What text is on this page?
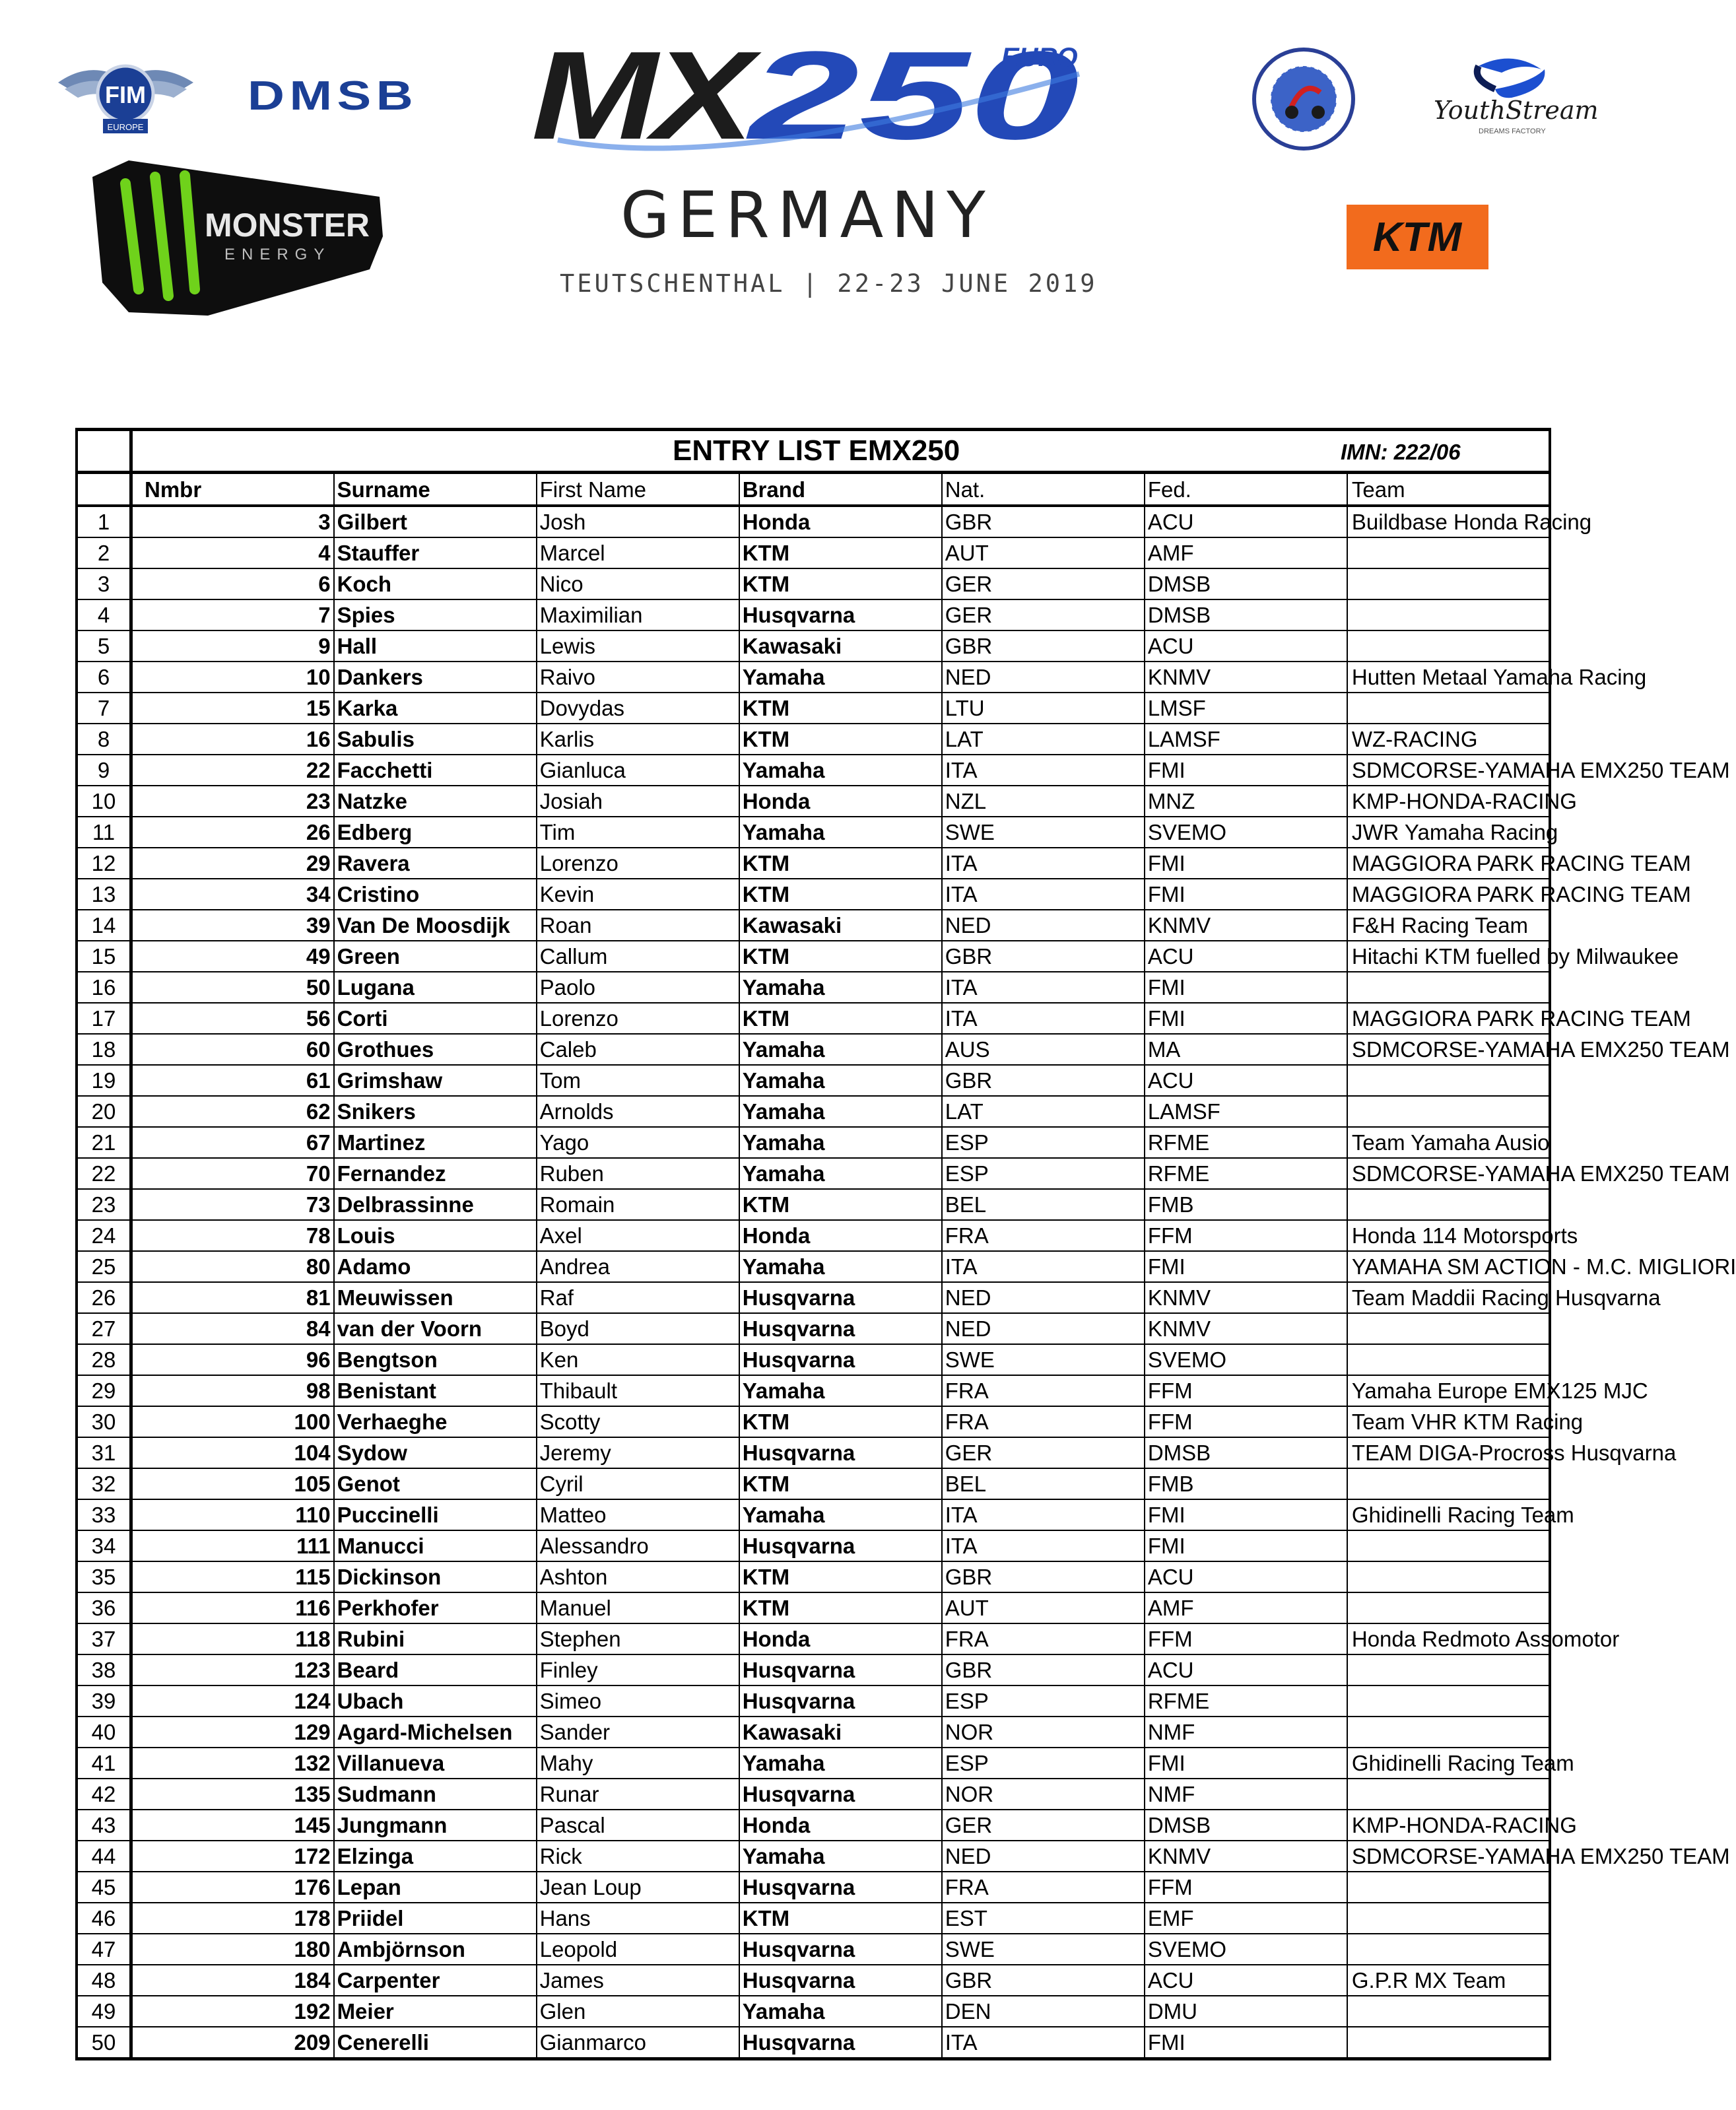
FIM
EUROPE
DMSB MX
250
EURO
GERMANY
TEUTSCHENTHAL | 22-23 JUNE 2019
MONSTER
ENERGY
YouthStream
DREAMS FACTORY
KTM

	ENTRY LIST EMX250 IMN: 222/06						

	Nmbr	Surname	First Name	Brand	Nat.	Fed.	Team
1	3	Gilbert	Josh	Honda	GBR	ACU	Buildbase Honda Racing
2	4	Stauffer	Marcel	KTM	AUT	AMF	
3	6	Koch	Nico	KTM	GER	DMSB	
4	7	Spies	Maximilian	Husqvarna	GER	DMSB	
5	9	Hall	Lewis	Kawasaki	GBR	ACU	
6	10	Dankers	Raivo	Yamaha	NED	KNMV	Hutten Metaal Yamaha Racing
7	15	Karka	Dovydas	KTM	LTU	LMSF	
8	16	Sabulis	Karlis	KTM	LAT	LAMSF	WZ-RACING
9	22	Facchetti	Gianluca	Yamaha	ITA	FMI	SDMCORSE-YAMAHA EMX250 TEAM
10	23	Natzke	Josiah	Honda	NZL	MNZ	KMP-HONDA-RACING
11	26	Edberg	Tim	Yamaha	SWE	SVEMO	JWR Yamaha Racing
12	29	Ravera	Lorenzo	KTM	ITA	FMI	MAGGIORA PARK RACING TEAM
13	34	Cristino	Kevin	KTM	ITA	FMI	MAGGIORA PARK RACING TEAM
14	39	Van De Moosdijk	Roan	Kawasaki	NED	KNMV	F&H Racing Team
15	49	Green	Callum	KTM	GBR	ACU	Hitachi KTM fuelled by Milwaukee
16	50	Lugana	Paolo	Yamaha	ITA	FMI	
17	56	Corti	Lorenzo	KTM	ITA	FMI	MAGGIORA PARK RACING TEAM
18	60	Grothues	Caleb	Yamaha	AUS	MA	SDMCORSE-YAMAHA EMX250 TEAM
19	61	Grimshaw	Tom	Yamaha	GBR	ACU	
20	62	Snikers	Arnolds	Yamaha	LAT	LAMSF	
21	67	Martinez	Yago	Yamaha	ESP	RFME	Team Yamaha Ausio
22	70	Fernandez	Ruben	Yamaha	ESP	RFME	SDMCORSE-YAMAHA EMX250 TEAM
23	73	Delbrassinne	Romain	KTM	BEL	FMB	
24	78	Louis	Axel	Honda	FRA	FFM	Honda 114 Motorsports
25	80	Adamo	Andrea	Yamaha	ITA	FMI	YAMAHA SM ACTION - M.C. MIGLIORI
26	81	Meuwissen	Raf	Husqvarna	NED	KNMV	Team Maddii Racing Husqvarna
27	84	van der Voorn	Boyd	Husqvarna	NED	KNMV	
28	96	Bengtson	Ken	Husqvarna	SWE	SVEMO	
29	98	Benistant	Thibault	Yamaha	FRA	FFM	Yamaha Europe EMX125 MJC
30	100	Verhaeghe	Scotty	KTM	FRA	FFM	Team VHR KTM Racing
31	104	Sydow	Jeremy	Husqvarna	GER	DMSB	TEAM DIGA-Procross Husqvarna
32	105	Genot	Cyril	KTM	BEL	FMB	
33	110	Puccinelli	Matteo	Yamaha	ITA	FMI	Ghidinelli Racing Team
34	111	Manucci	Alessandro	Husqvarna	ITA	FMI	
35	115	Dickinson	Ashton	KTM	GBR	ACU	
36	116	Perkhofer	Manuel	KTM	AUT	AMF	
37	118	Rubini	Stephen	Honda	FRA	FFM	Honda Redmoto Assomotor
38	123	Beard	Finley	Husqvarna	GBR	ACU	
39	124	Ubach	Simeo	Husqvarna	ESP	RFME	
40	129	Agard-Michelsen	Sander	Kawasaki	NOR	NMF	
41	132	Villanueva	Mahy	Yamaha	ESP	FMI	Ghidinelli Racing Team
42	135	Sudmann	Runar	Husqvarna	NOR	NMF	
43	145	Jungmann	Pascal	Honda	GER	DMSB	KMP-HONDA-RACING
44	172	Elzinga	Rick	Yamaha	NED	KNMV	SDMCORSE-YAMAHA EMX250 TEAM
45	176	Lepan	Jean Loup	Husqvarna	FRA	FFM	
46	178	Priidel	Hans	KTM	EST	EMF	
47	180	Ambjörnson	Leopold	Husqvarna	SWE	SVEMO	
48	184	Carpenter	James	Husqvarna	GBR	ACU	G.P.R MX Team
49	192	Meier	Glen	Yamaha	DEN	DMU	
50	209	Cenerelli	Gianmarco	Husqvarna	ITA	FMI	
